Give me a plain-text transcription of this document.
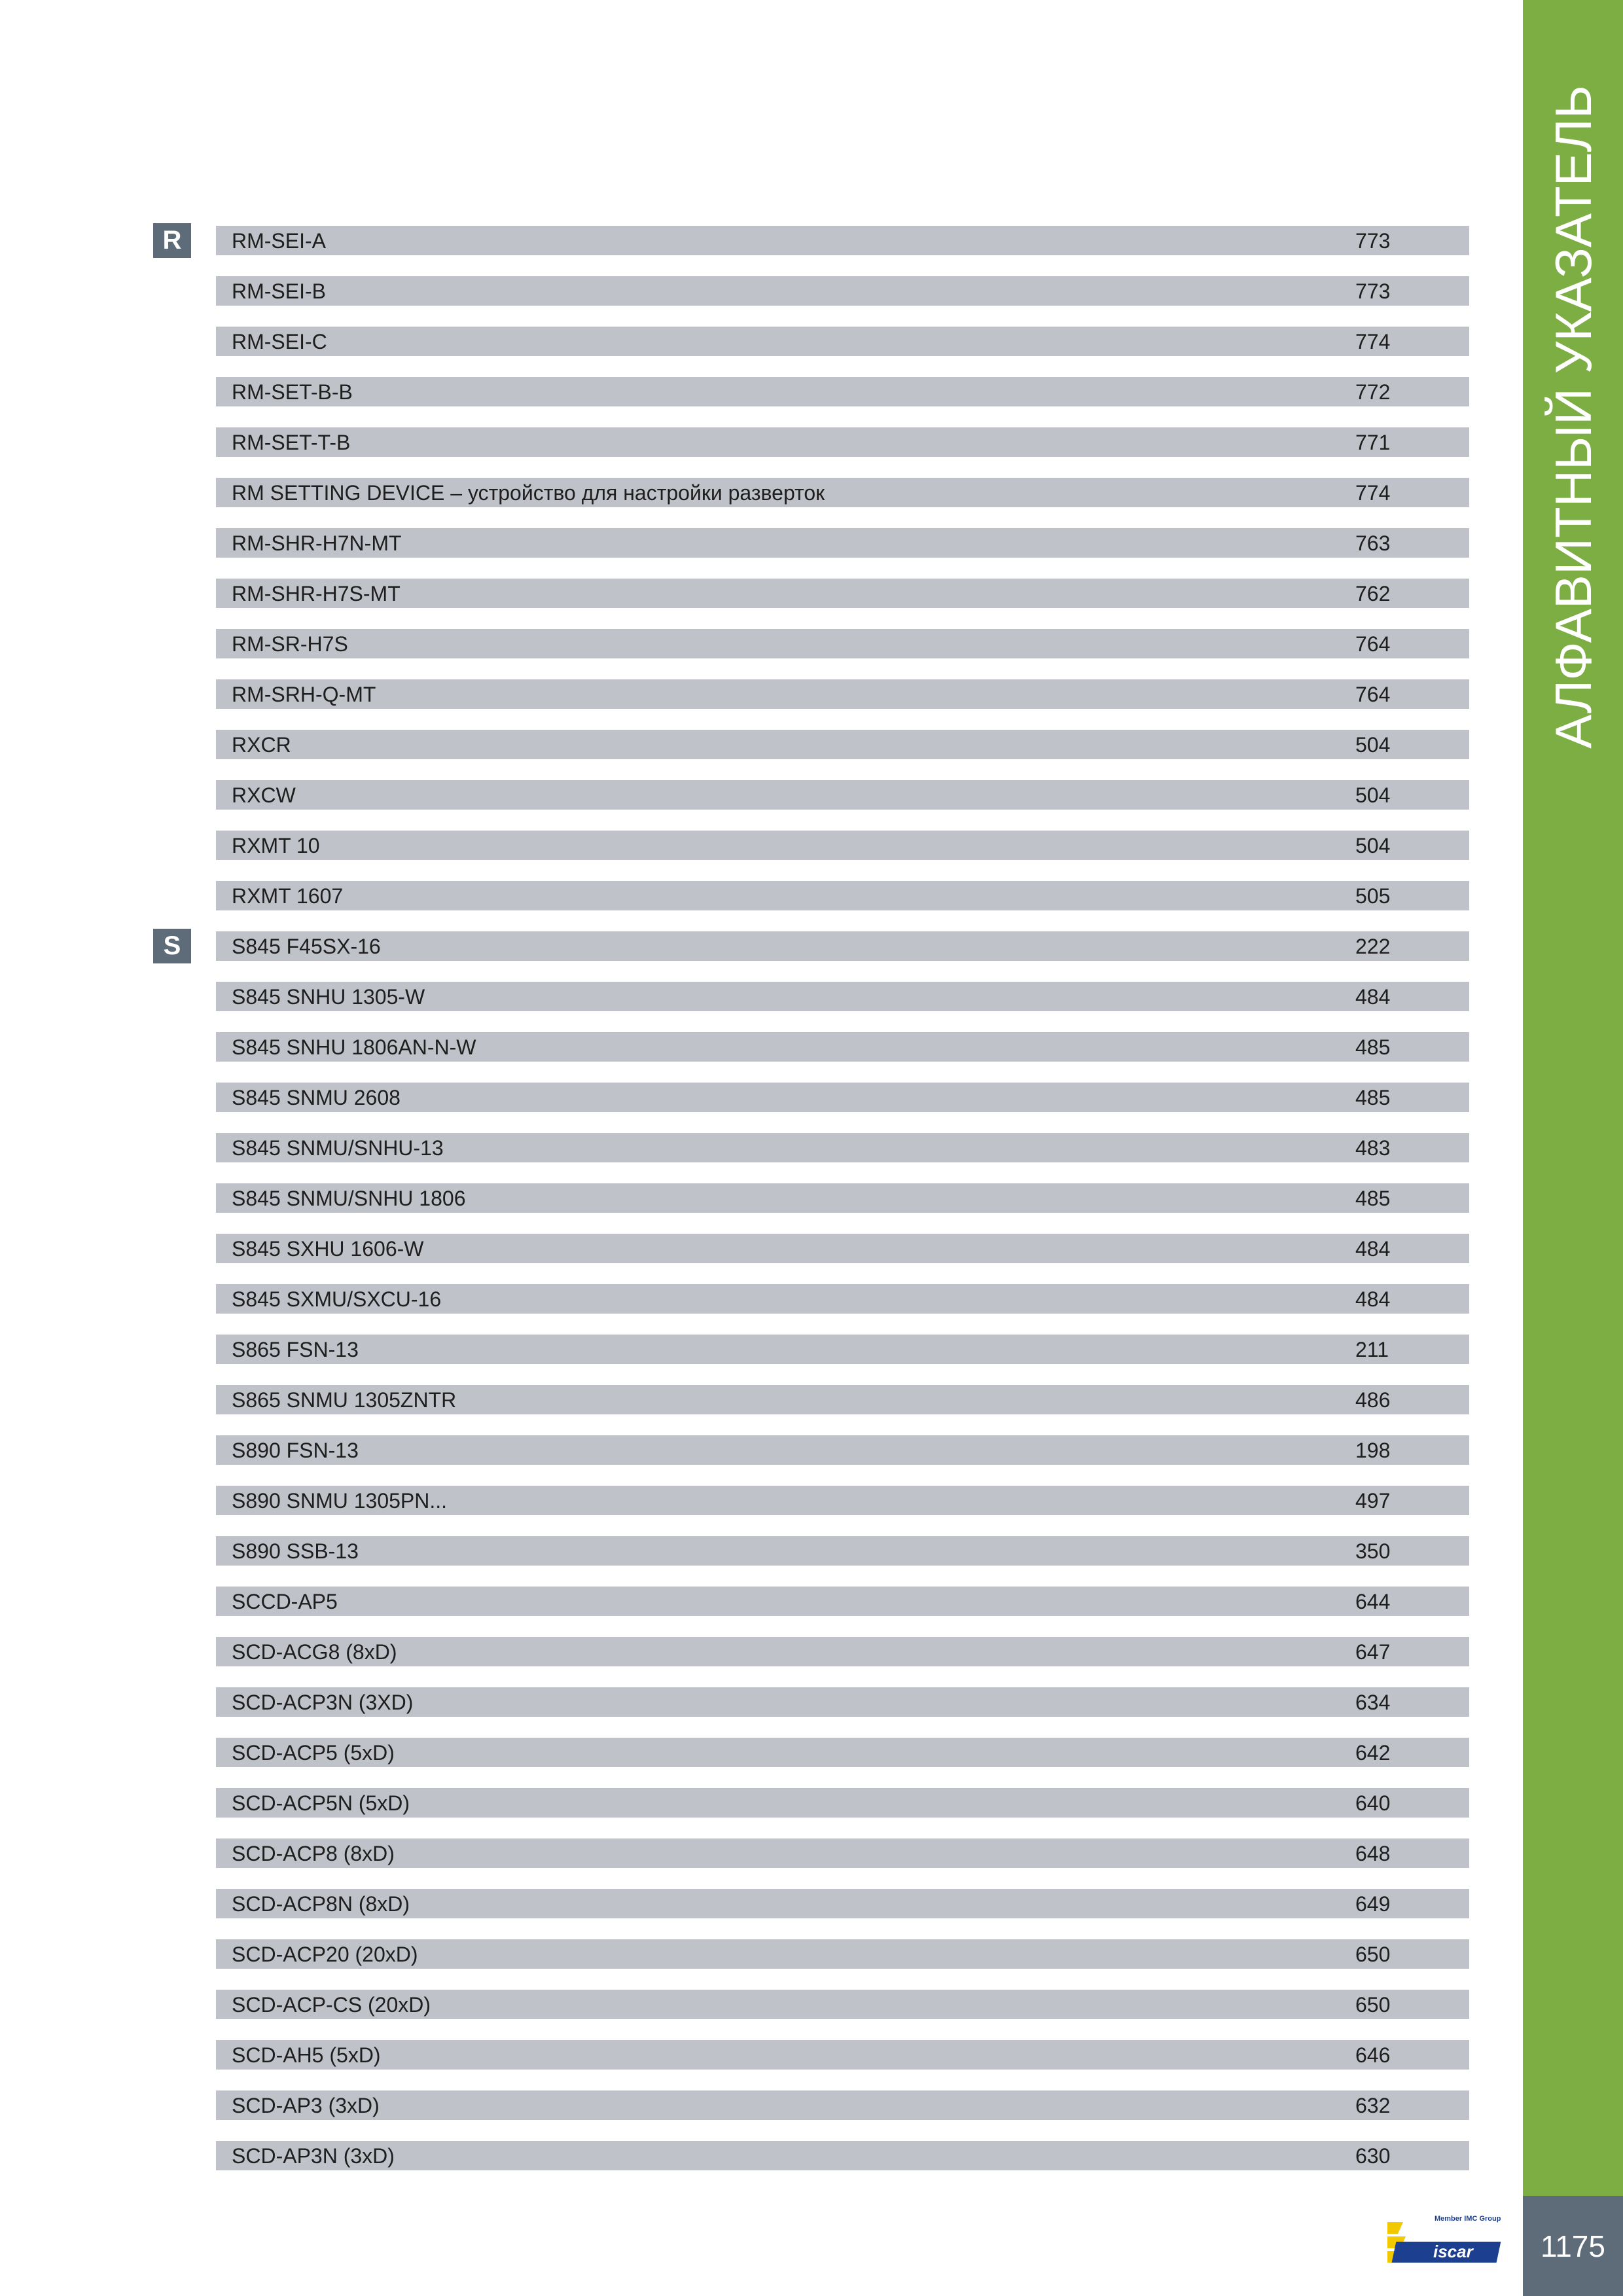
АЛФАВИТНЫЙ УКАЗАТЕЛЬ
1175
R
S
RM-SEI-A	773
RM-SEI-B	773
RM-SEI-C	774
RM-SET-B-B	772
RM-SET-T-B	771
RM SETTING DEVICE – устройство для настройки разверток	774
RM-SHR-H7N-MT	763
RM-SHR-H7S-MT	762
RM-SR-H7S	764
RM-SRH-Q-MT	764
RXCR	504
RXCW	504
RXMT 10	504
RXMT 1607	505
S845 F45SX-16	222
S845 SNHU 1305-W	484
S845 SNHU 1806AN-N-W	485
S845 SNMU 2608	485
S845 SNMU/SNHU-13	483
S845 SNMU/SNHU 1806	485
S845 SXHU 1606-W	484
S845 SXMU/SXCU-16	484
S865 FSN-13	211
S865 SNMU 1305ZNTR	486
S890 FSN-13	198
S890 SNMU 1305PN...	497
S890 SSB-13	350
SCCD-AP5	644
SCD-ACG8 (8xD)	647
SCD-ACP3N (3XD)	634
SCD-ACP5 (5xD)	642
SCD-ACP5N (5xD)	640
SCD-ACP8 (8xD)	648
SCD-ACP8N (8xD)	649
SCD-ACP20 (20xD)	650
SCD-ACP-CS (20xD)	650
SCD-AH5 (5xD)	646
SCD-AP3 (3xD)	632
SCD-AP3N (3xD)	630
iscar
Member IMC Group
